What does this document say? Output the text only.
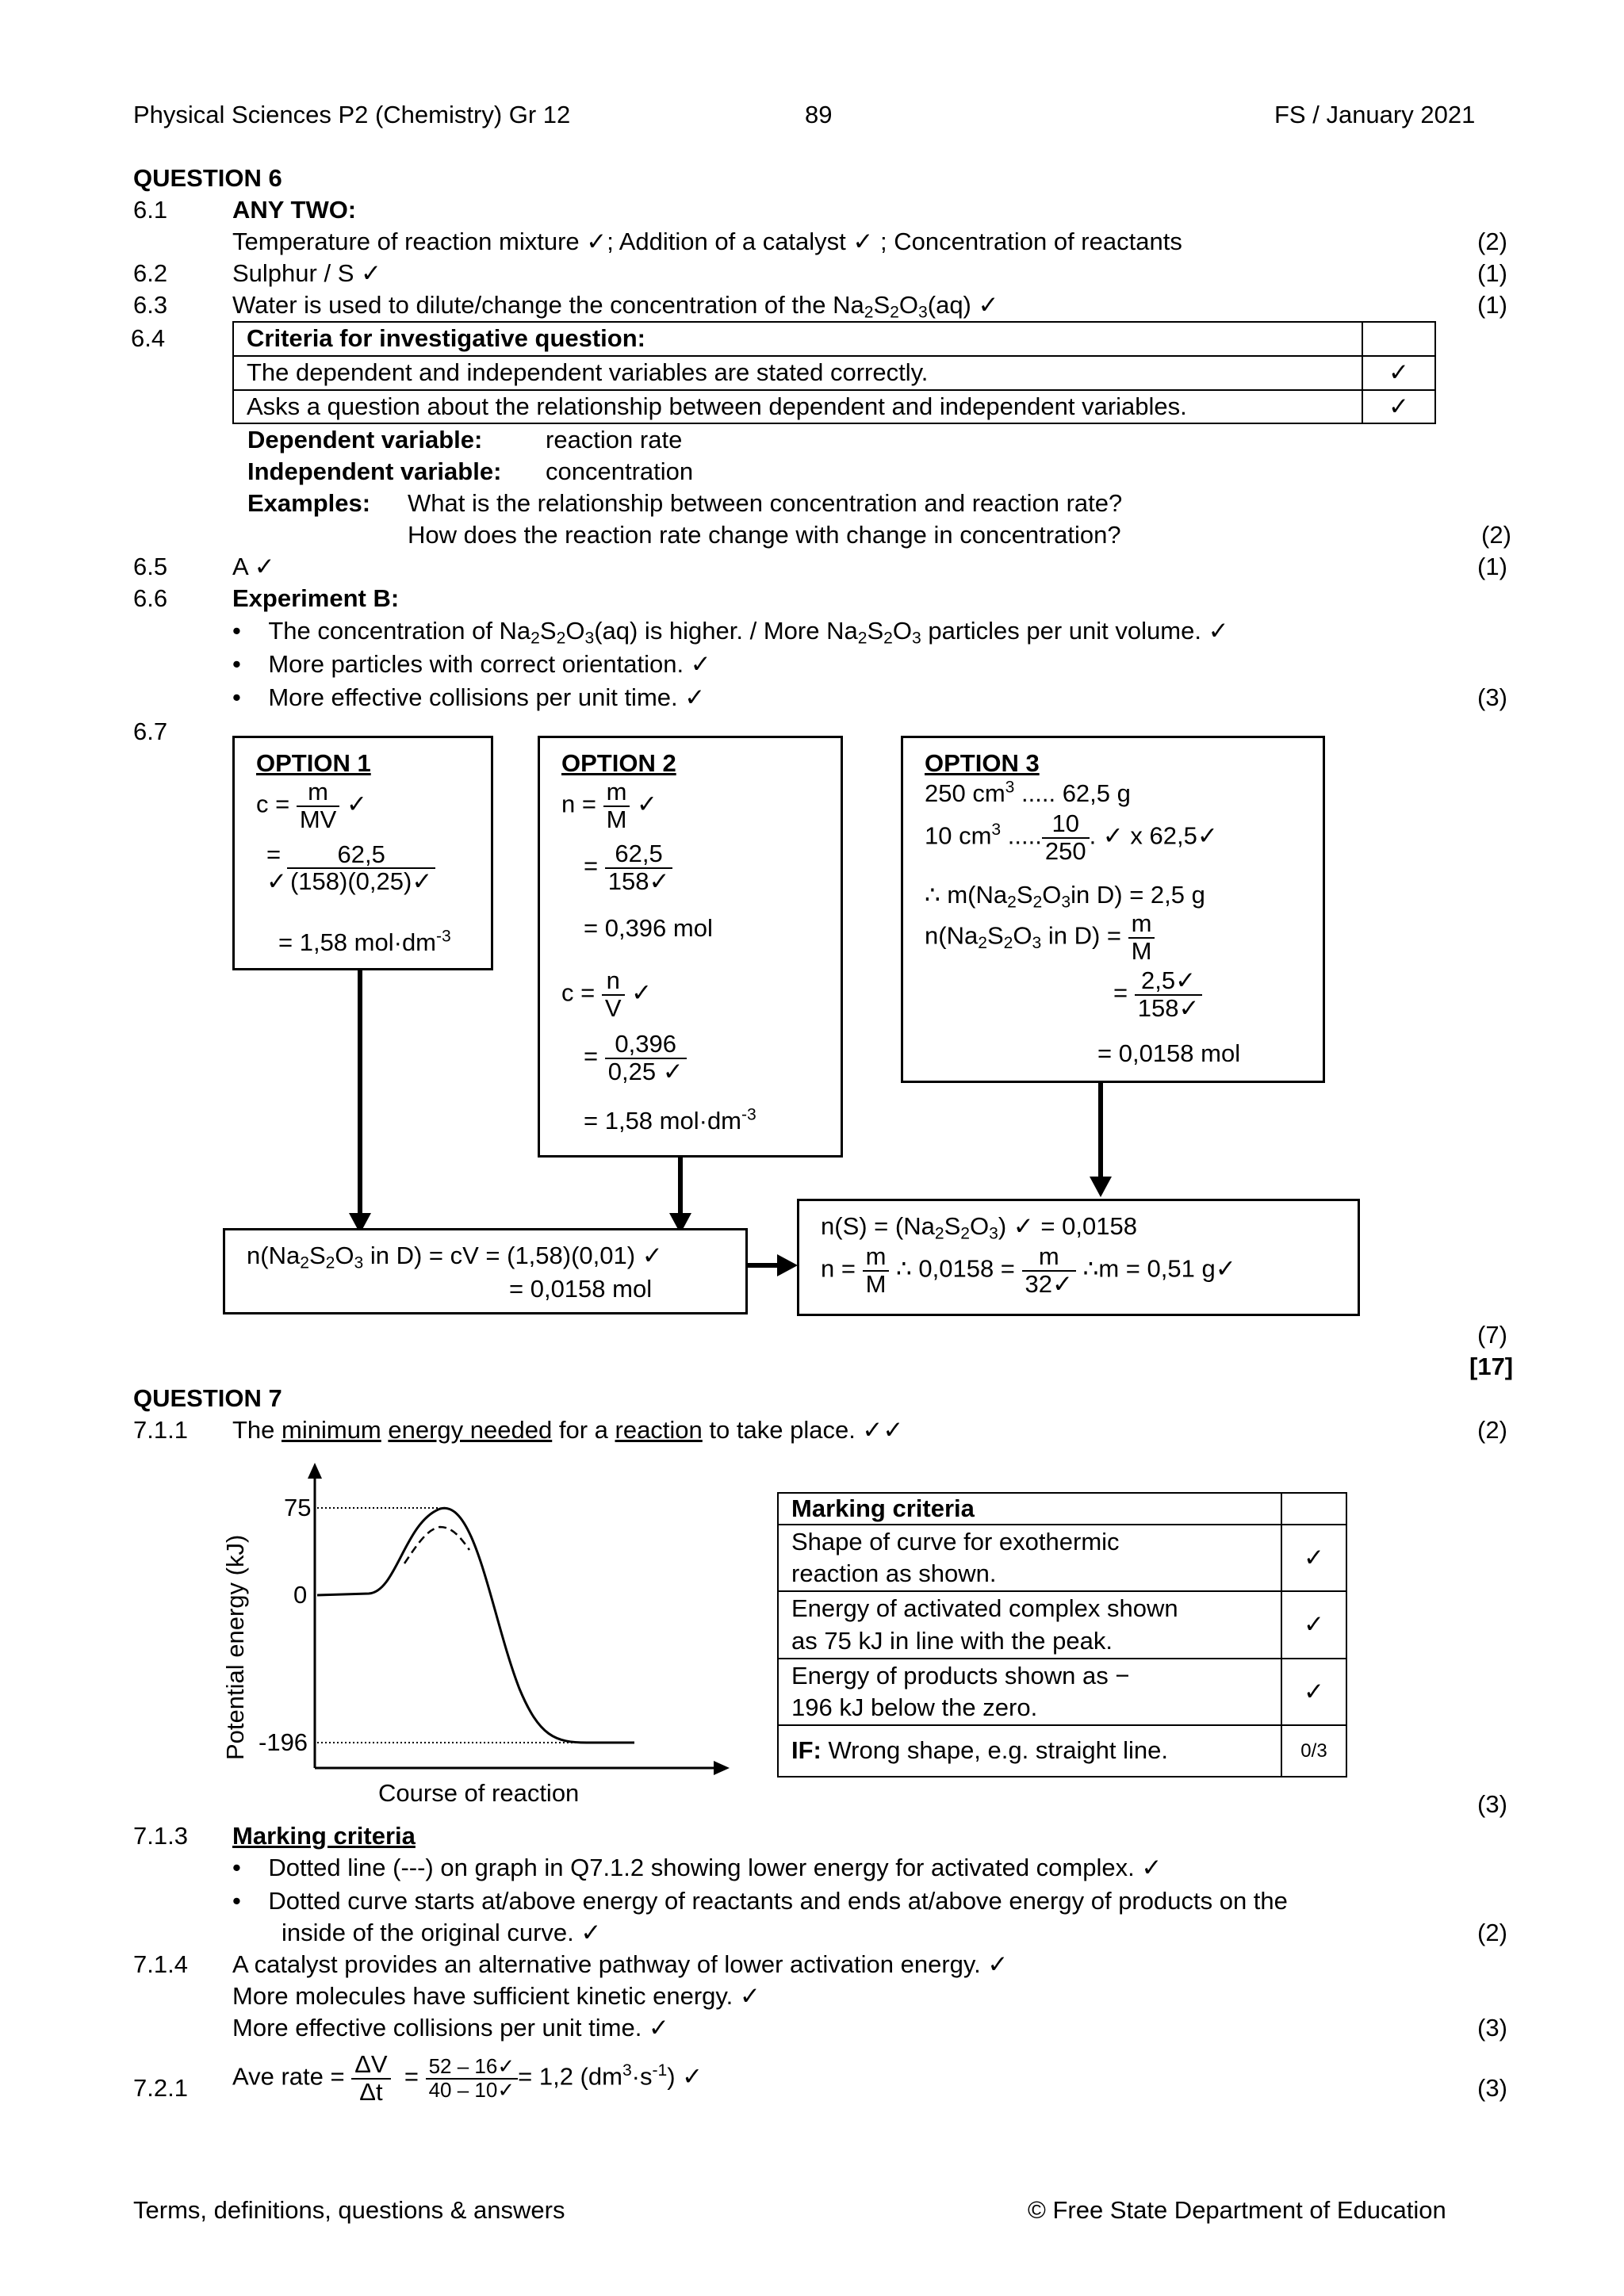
Physical Sciences P2 (Chemistry) Gr 12	89	FS / January 2021
QUESTION 6
6.1	ANY TWO:
Temperature of reaction mixture ✓; Addition of a catalyst ✓ ; Concentration of reactants	(2)
6.2	Sulphur / S ✓	(1)
6.3	Water is used to dilute/change the concentration of the $Na_2S_2O_3(aq)$ ✓	(1)
6.4	Criteria for investigative question:	
The dependent and independent variables are stated correctly.	✓
Asks a question about the relationship between dependent and independent variables.	✓
Dependent variable:	reaction rate
Independent variable: concentration
Examples: What is the relationship between concentration and reaction rate?
How does the reaction rate change with change in concentration?	(2)
6.5	A ✓	(1)
6.6	Experiment B:
•    The concentration of $Na_2S_2O_3(aq)$ is higher. / More $Na_2S_2O_3$ particles per unit volume. ✓
•    More particles with correct orientation. ✓
•    More effective collisions per unit time. ✓	(3)
6.7
OPTION 1
$c = \frac{m}{MV}$ ✓
=
✓ $\frac{62,5}{(158)(0,25)✓}$
= 1,58 $mol\cdot dm^{-3}$
OPTION 2
$n = \frac{m}{M}$ ✓
= $\frac{62,5}{158✓}$
= 0,396 mol
$c = \frac{n}{V}$ ✓
= $\frac{0,396}{0,25 ✓}$
= 1,58 $mol\cdot dm^{-3}$
OPTION 3
250 $cm^3$ ..... 62,5 g
10 $cm^3$ ..... $\frac{10}{250}$ . ✓ x 62,5✓
∴ $m(Na_2S_2O_3in$ D) = 2,5 g
$n(Na_2S_2O_3$ in $D) = \frac{m}{M}$
= $\frac{2,5✓}{158✓}$
= 0,0158 mol
$n(Na_2S_2O_3$ in D) = cV = (1,58)(0,01) ✓
= 0,0158 mol
$n(S) = (Na_2S_2O_3)$ ✓ = 0,0158
$n = \frac{m}{M}$ ∴ $0,0158 = \frac{m}{32✓}$ ∴m = 0,51 g✓
(7)
[17]
QUESTION 7
7.1.1 The minimum energy needed for a reaction to take place. ✓✓	(2)
75
0
-196
Potential energy (kJ)
Course of reaction
Marking criteria	
Shape of curve for exothermic
reaction as shown.	✓
Energy of activated complex shown
as 75 kJ in line with the peak.	✓
Energy of products shown as −
196 kJ below the zero.	✓
IF: Wrong shape, e.g. straight line.	0/3
(3)
7.1.3 Marking criteria
•    Dotted line (---) on graph in Q7.1.2 showing lower energy for activated complex. ✓
•    Dotted curve starts at/above energy of reactants and ends at/above energy of products on the
inside of the original curve. ✓	(2)
7.1.4 A catalyst provides an alternative pathway of lower activation energy. ✓
More molecules have sufficient kinetic energy. ✓
More effective collisions per unit time. ✓	(3)
7.2.1 Ave rate = $\frac{\Delta V}{\Delta t} = \frac{52 - 16✓}{40 - 10✓} = 1,2$ $(dm^3\cdot s^{-1})$ ✓	(3)
Terms, definitions, questions & answers	© Free State Department of Education
